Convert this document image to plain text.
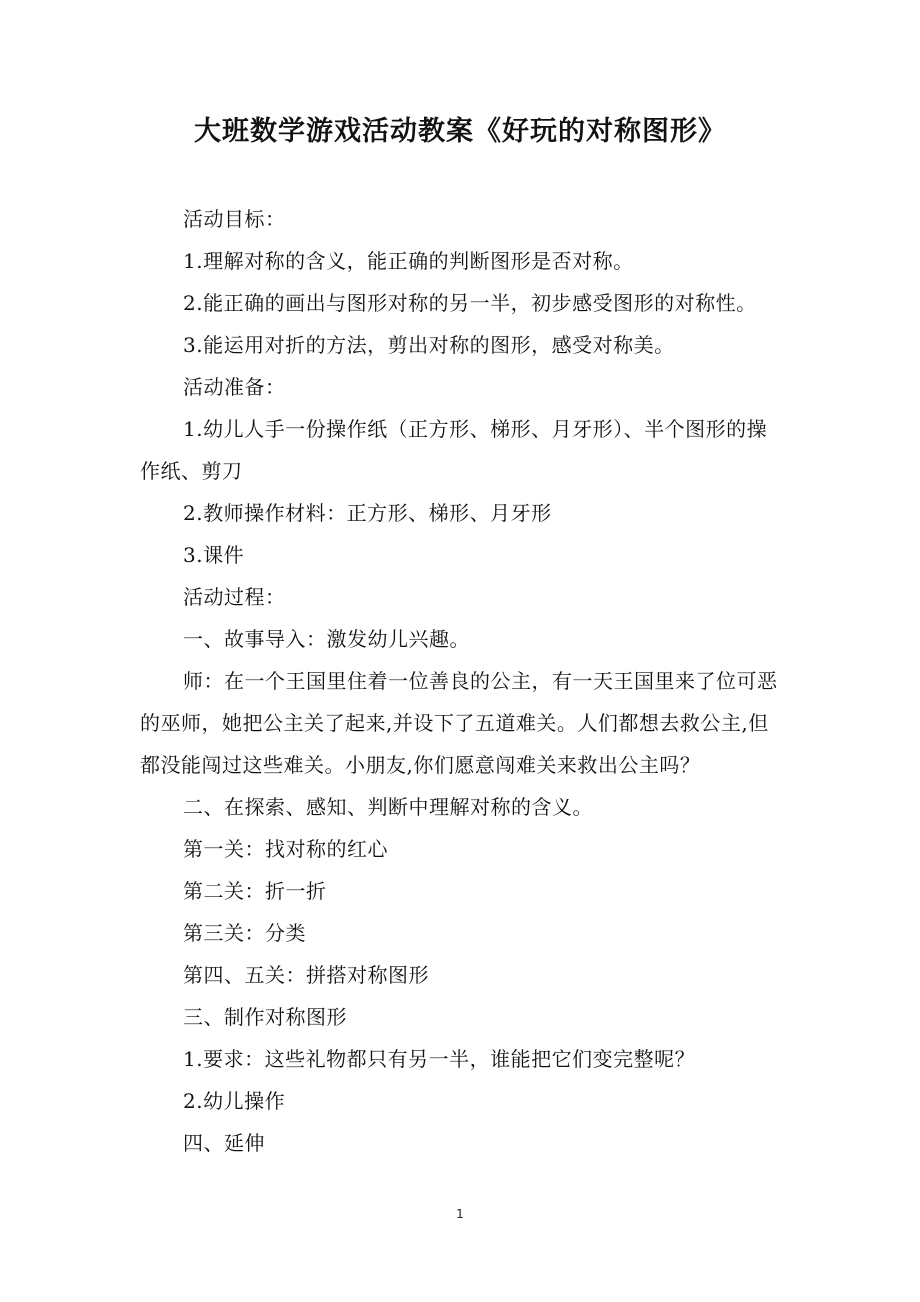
大班数学游戏活动教案《好玩的对称图形》

活动目标：

1.理解对称的含义，能正确的判断图形是否对称。

2.能正确的画出与图形对称的另一半，初步感受图形的对称性。

3.能运用对折的方法，剪出对称的图形，感受对称美。

活动准备：

1.幼儿人手一份操作纸（正方形、梯形、月牙形）、半个图形的操作纸、剪刀

2.教师操作材料：正方形、梯形、月牙形

3.课件

活动过程：

一、故事导入：激发幼儿兴趣。

师：在一个王国里住着一位善良的公主，有一天王国里来了位可恶的巫师，她把公主关了起来,并设下了五道难关。人们都想去救公主,但都没能闯过这些难关。小朋友,你们愿意闯难关来救出公主吗？

二、在探索、感知、判断中理解对称的含义。

第一关：找对称的红心

第二关：折一折

第三关：分类

第四、五关：拼搭对称图形

三、制作对称图形

1.要求：这些礼物都只有另一半，谁能把它们变完整呢？

2.幼儿操作

四、延伸

1
